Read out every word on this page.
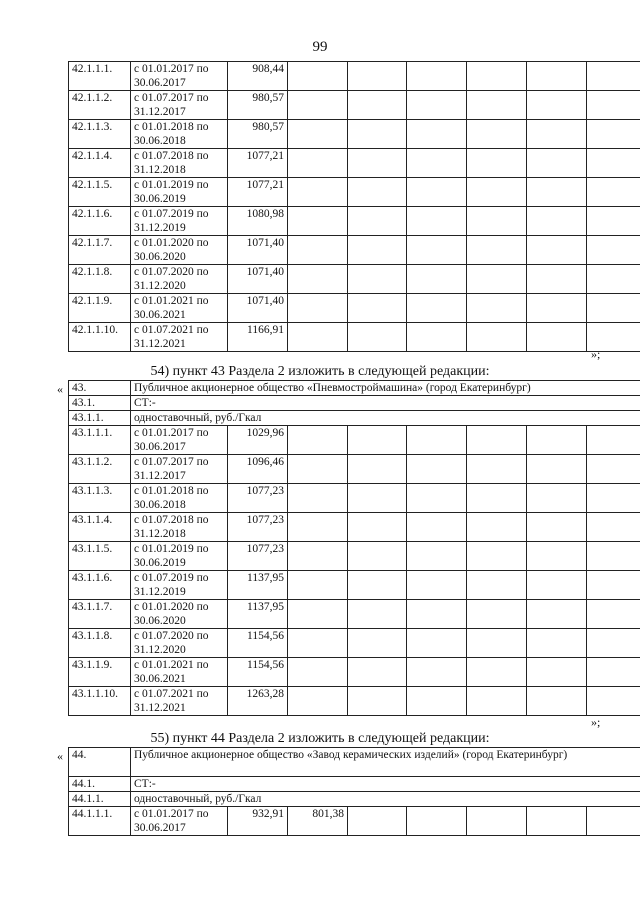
99
42.1.1.1.	с 01.01.2017 по 30.06.2017	908,44						
42.1.1.2.	с 01.07.2017 по 31.12.2017	980,57						
42.1.1.3.	с 01.01.2018 по 30.06.2018	980,57						
42.1.1.4.	с 01.07.2018 по 31.12.2018	1077,21						
42.1.1.5.	с 01.01.2019 по 30.06.2019	1077,21						
42.1.1.6.	с 01.07.2019 по 31.12.2019	1080,98						
42.1.1.7.	с 01.01.2020 по 30.06.2020	1071,40						
42.1.1.8.	с 01.07.2020 по 31.12.2020	1071,40						
42.1.1.9.	с 01.01.2021 по 30.06.2021	1071,40						
42.1.1.10.	с 01.07.2021 по 31.12.2021	1166,91						
»;
54) пункт 43 Раздела 2 изложить в следующей редакции:
« 43.	Публичное акционерное общество «Пневмостроймашина» (город Екатеринбург)							
43.1.	СТ:-							
43.1.1.	одноставочный, руб./Гкал							
43.1.1.1.	с 01.01.2017 по 30.06.2017	1029,96						
43.1.1.2.	с 01.07.2017 по 31.12.2017	1096,46						
43.1.1.3.	с 01.01.2018 по 30.06.2018	1077,23						
43.1.1.4.	с 01.07.2018 по 31.12.2018	1077,23						
43.1.1.5.	с 01.01.2019 по 30.06.2019	1077,23						
43.1.1.6.	с 01.07.2019 по 31.12.2019	1137,95						
43.1.1.7.	с 01.01.2020 по 30.06.2020	1137,95						
43.1.1.8.	с 01.07.2020 по 31.12.2020	1154,56						
43.1.1.9.	с 01.01.2021 по 30.06.2021	1154,56						
43.1.1.10.	с 01.07.2021 по 31.12.2021	1263,28						
»;
55) пункт 44 Раздела 2 изложить в следующей редакции:
« 44.	Публичное акционерное общество «Завод керамических изделий» (город Екатеринбург)							
44.1.	СТ:-							
44.1.1.	одноставочный, руб./Гкал							
44.1.1.1.	с 01.01.2017 по 30.06.2017	932,91	801,38					
